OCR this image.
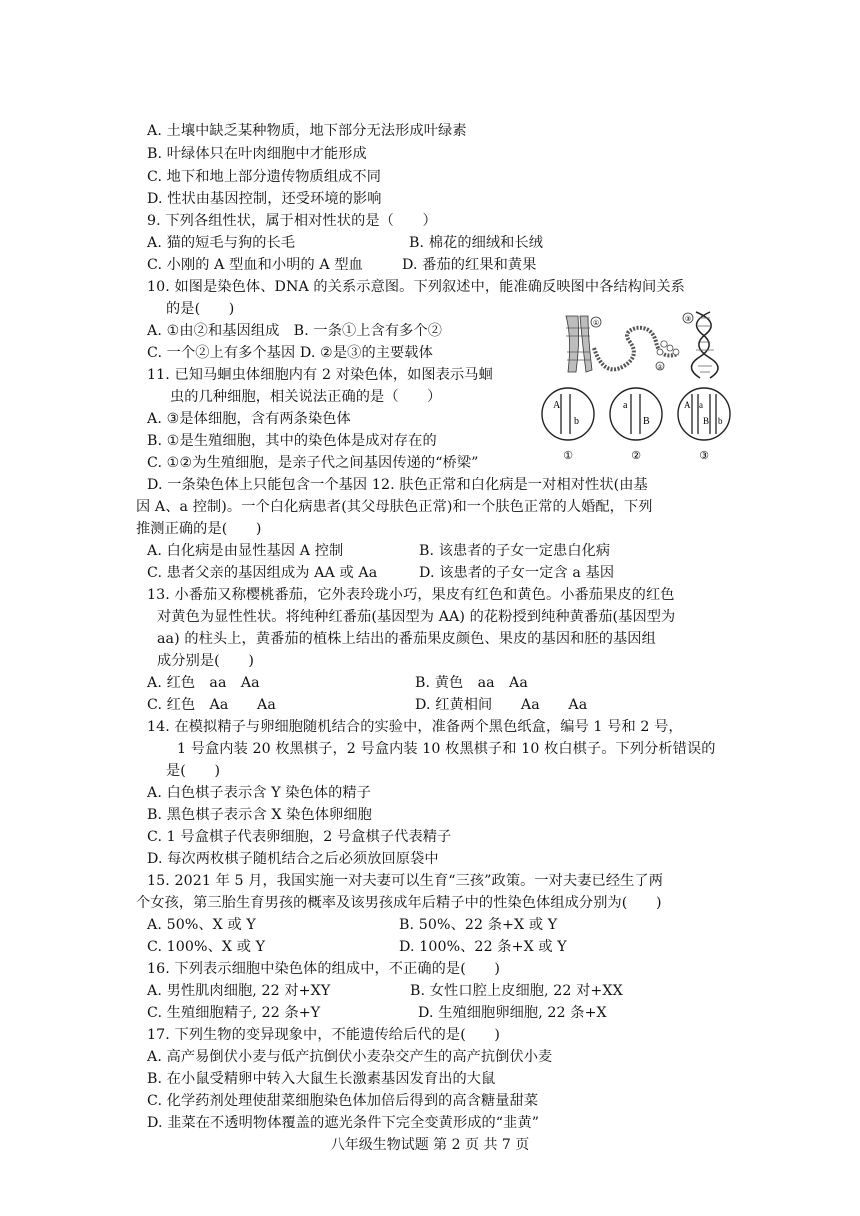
A. 土壤中缺乏某种物质，地下部分无法形成叶绿素
B. 叶绿体只在叶肉细胞中才能形成
C. 地下和地上部分遗传物质组成不同
D. 性状由基因控制，还受环境的影响
9. 下列各组性状，属于相对性状的是（　　）
A. 猫的短毛与狗的长毛	B. 棉花的细绒和长绒
C. 小刚的 A 型血和小明的 A 型血	D. 番茄的红果和黄果
10. 如图是染色体、DNA 的关系示意图。下列叙述中，能准确反映图中各结构间关系
的是(　　)
A. ①由②和基因组成　B. 一条①上含有多个②
C. 一个②上有多个基因 D. ②是③的主要载体
11. 已知马蛔虫体细胞内有 2 对染色体，如图表示马蛔
虫的几种细胞，相关说法正确的是（　　）
A. ③是体细胞，含有两条染色体
B. ①是生殖细胞，其中的染色体是成对存在的
C. ①②为生殖细胞，是亲子代之间基因传递的“桥梁”
D. 一条染色体上只能包含一个基因 12. 肤色正常和白化病是一对相对性状(由基
因 A、a 控制)。一个白化病患者(其父母肤色正常)和一个肤色正常的人婚配，下列
推测正确的是(　　)
A. 白化病是由显性基因 A 控制	B. 该患者的子女一定患白化病
C. 患者父亲的基因组成为 AA 或 Aa	D. 该患者的子女一定含 a 基因
13. 小番茄又称樱桃番茄，它外表玲珑小巧，果皮有红色和黄色。小番茄果皮的红色
对黄色为显性性状。将纯种红番茄(基因型为 AA) 的花粉授到纯种黄番茄(基因型为
aa) 的柱头上，黄番茄的植株上结出的番茄果皮颜色、果皮的基因和胚的基因组
成分别是(　　)
A. 红色　aa　Aa	B. 黄色　aa　Aa
C. 红色　Aa　　Aa	D. 红黄相间　　Aa　　Aa
14. 在模拟精子与卵细胞随机结合的实验中，准备两个黑色纸盒，编号 1 号和 2 号，
1 号盒内装 20 枚黑棋子，2 号盒内装 10 枚黑棋子和 10 枚白棋子。下列分析错误的
是(　　)
A. 白色棋子表示含 Y 染色体的精子
B. 黑色棋子表示含 X 染色体卵细胞
C. 1 号盒棋子代表卵细胞，2 号盒棋子代表精子
D. 每次两枚棋子随机结合之后必须放回原袋中
15. 2021 年 5 月，我国实施一对夫妻可以生育“三孩”政策。一对夫妻已经生了两
个女孩，第三胎生育男孩的概率及该男孩成年后精子中的性染色体组成分别为(　　)
A. 50%、X 或 Y	B. 50%、22 条+X 或 Y
C. 100%、X 或 Y	D. 100%、22 条+X 或 Y
16. 下列表示细胞中染色体的组成中，不正确的是(　　)
A. 男性肌肉细胞, 22 对+XY	B. 女性口腔上皮细胞, 22 对+XX
C. 生殖细胞精子, 22 条+Y	D. 生殖细胞卵细胞, 22 条+X
17. 下列生物的变异现象中，不能遗传给后代的是(　　)
A. 高产易倒伏小麦与低产抗倒伏小麦杂交产生的高产抗倒伏小麦
B. 在小鼠受精卵中转入大鼠生长激素基因发育出的大鼠
C. 化学药剂处理使甜菜细胞染色体加倍后得到的高含糖量甜菜
D. 韭菜在不透明物体覆盖的遮光条件下完全变黄形成的“韭黄”
①
②
③
A
b
①
a
B
②
A a
B b
③
八年级生物试题 第 2 页 共 7 页
